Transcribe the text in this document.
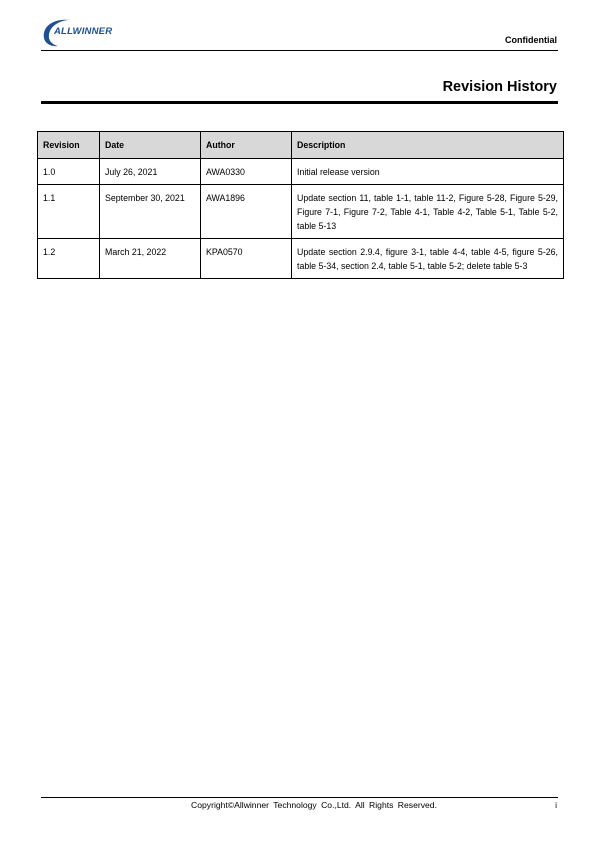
ALLWINNER
Confidential
Revision History
Revision	Date	Author	Description
1.0	July 26, 2021	AWA0330	Initial release version
1.1	September 30, 2021	AWA1896	Update section 11, table 1-1, table 11-2, Figure 5-28, Figure 5-29, Figure 7-1, Figure 7-2, Table 4-1, Table 4-2, Table 5-1, Table 5-2, table 5-13
1.2	March 21, 2022	KPA0570	Update section 2.9.4, figure 3-1, table 4-4, table 4-5, figure 5-26, table 5-34, section 2.4, table 5-1, table 5-2; delete table 5-3
Copyright©Allwinner Technology Co.,Ltd. All Rights Reserved.	i
